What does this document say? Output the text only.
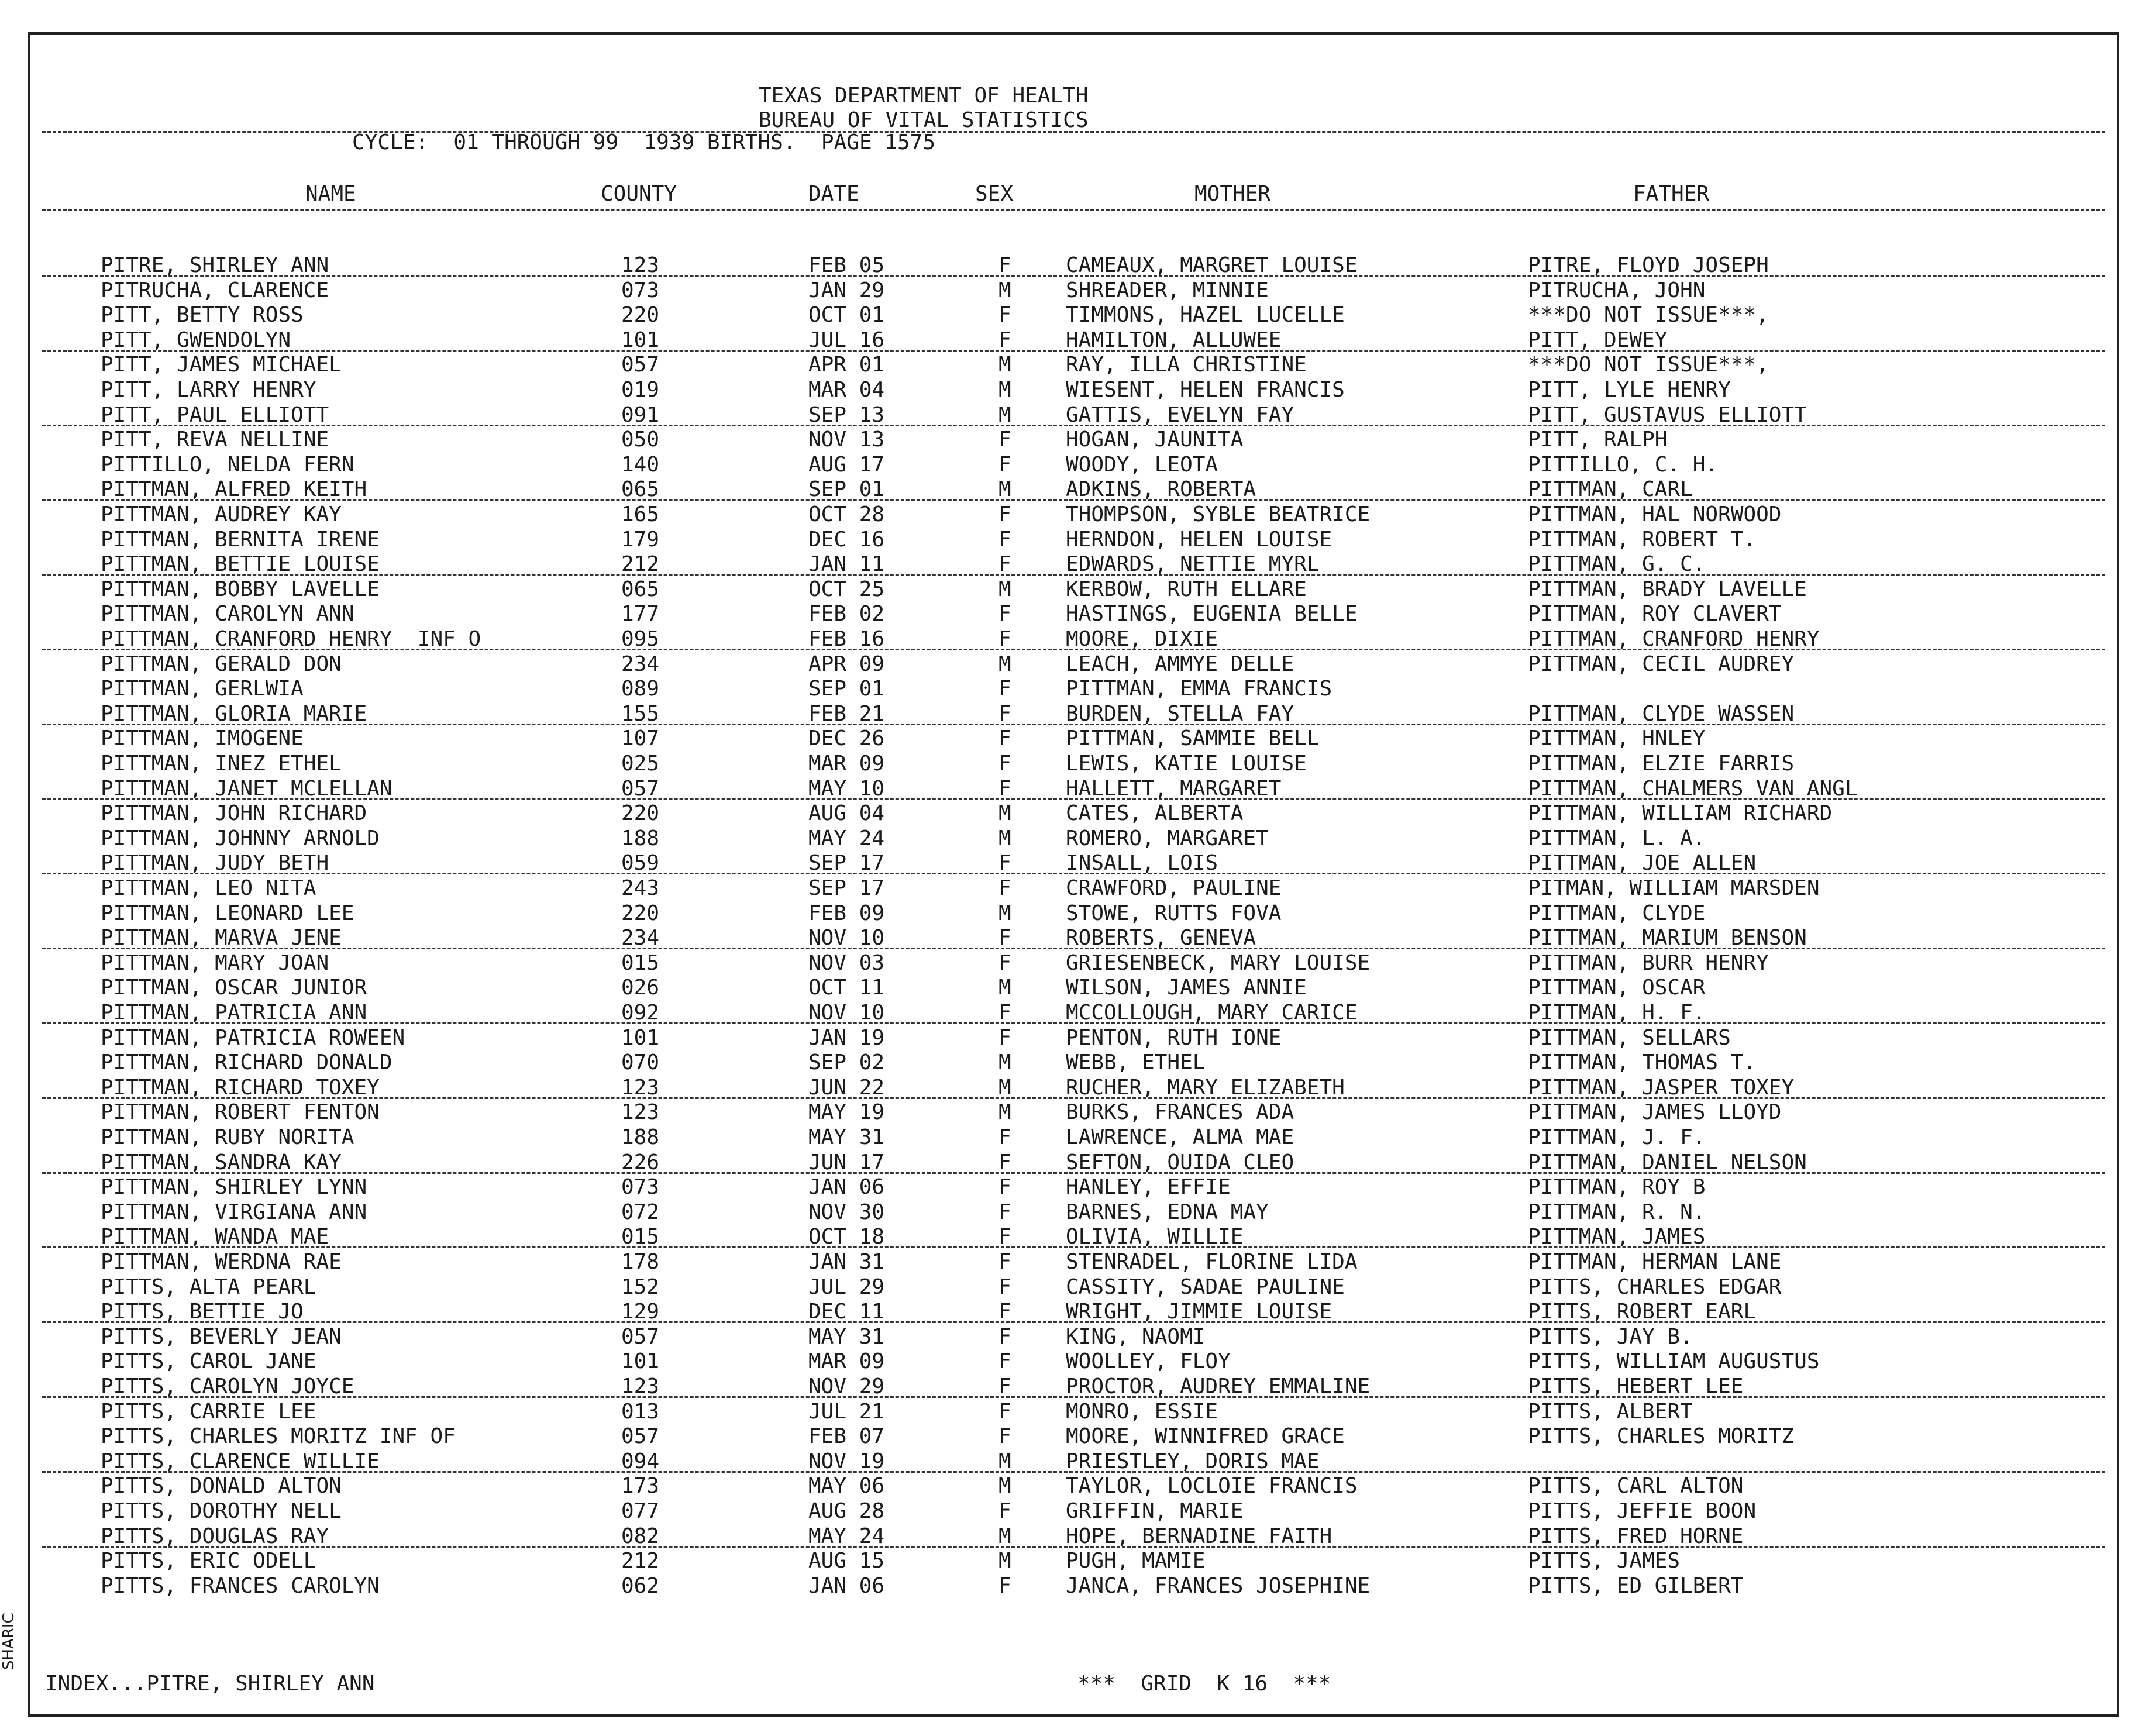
SHARIC
TEXAS DEPARTMENT OF HEALTH
BUREAU OF VITAL STATISTICS
CYCLE:  01 THROUGH 99  1939 BIRTHS.  PAGE 1575
NAME	COUNTY	DATE	SEX	MOTHER	FATHER
PITRE, SHIRLEY ANN	123	FEB 05	F	CAMEAUX, MARGRET LOUISE	PITRE, FLOYD JOSEPH
PITRUCHA, CLARENCE	073	JAN 29	M	SHREADER, MINNIE	PITRUCHA, JOHN
PITT, BETTY ROSS	220	OCT 01	F	TIMMONS, HAZEL LUCELLE	***DO NOT ISSUE***,
PITT, GWENDOLYN	101	JUL 16	F	HAMILTON, ALLUWEE	PITT, DEWEY
PITT, JAMES MICHAEL	057	APR 01	M	RAY, ILLA CHRISTINE	***DO NOT ISSUE***,
PITT, LARRY HENRY	019	MAR 04	M	WIESENT, HELEN FRANCIS	PITT, LYLE HENRY
PITT, PAUL ELLIOTT	091	SEP 13	M	GATTIS, EVELYN FAY	PITT, GUSTAVUS ELLIOTT
PITT, REVA NELLINE	050	NOV 13	F	HOGAN, JAUNITA	PITT, RALPH
PITTILLO, NELDA FERN	140	AUG 17	F	WOODY, LEOTA	PITTILLO, C. H.
PITTMAN, ALFRED KEITH	065	SEP 01	M	ADKINS, ROBERTA	PITTMAN, CARL
PITTMAN, AUDREY KAY	165	OCT 28	F	THOMPSON, SYBLE BEATRICE	PITTMAN, HAL NORWOOD
PITTMAN, BERNITA IRENE	179	DEC 16	F	HERNDON, HELEN LOUISE	PITTMAN, ROBERT T.
PITTMAN, BETTIE LOUISE	212	JAN 11	F	EDWARDS, NETTIE MYRL	PITTMAN, G. C.
PITTMAN, BOBBY LAVELLE	065	OCT 25	M	KERBOW, RUTH ELLARE	PITTMAN, BRADY LAVELLE
PITTMAN, CAROLYN ANN	177	FEB 02	F	HASTINGS, EUGENIA BELLE	PITTMAN, ROY CLAVERT
PITTMAN, CRANFORD HENRY  INF O	095	FEB 16	F	MOORE, DIXIE	PITTMAN, CRANFORD HENRY
PITTMAN, GERALD DON	234	APR 09	M	LEACH, AMMYE DELLE	PITTMAN, CECIL AUDREY
PITTMAN, GERLWIA	089	SEP 01	F	PITTMAN, EMMA FRANCIS
PITTMAN, GLORIA MARIE	155	FEB 21	F	BURDEN, STELLA FAY	PITTMAN, CLYDE WASSEN
PITTMAN, IMOGENE	107	DEC 26	F	PITTMAN, SAMMIE BELL	PITTMAN, HNLEY
PITTMAN, INEZ ETHEL	025	MAR 09	F	LEWIS, KATIE LOUISE	PITTMAN, ELZIE FARRIS
PITTMAN, JANET MCLELLAN	057	MAY 10	F	HALLETT, MARGARET	PITTMAN, CHALMERS VAN ANGL
PITTMAN, JOHN RICHARD	220	AUG 04	M	CATES, ALBERTA	PITTMAN, WILLIAM RICHARD
PITTMAN, JOHNNY ARNOLD	188	MAY 24	M	ROMERO, MARGARET	PITTMAN, L. A.
PITTMAN, JUDY BETH	059	SEP 17	F	INSALL, LOIS	PITTMAN, JOE ALLEN
PITTMAN, LEO NITA	243	SEP 17	F	CRAWFORD, PAULINE	PITMAN, WILLIAM MARSDEN
PITTMAN, LEONARD LEE	220	FEB 09	M	STOWE, RUTTS FOVA	PITTMAN, CLYDE
PITTMAN, MARVA JENE	234	NOV 10	F	ROBERTS, GENEVA	PITTMAN, MARIUM BENSON
PITTMAN, MARY JOAN	015	NOV 03	F	GRIESENBECK, MARY LOUISE	PITTMAN, BURR HENRY
PITTMAN, OSCAR JUNIOR	026	OCT 11	M	WILSON, JAMES ANNIE	PITTMAN, OSCAR
PITTMAN, PATRICIA ANN	092	NOV 10	F	MCCOLLOUGH, MARY CARICE	PITTMAN, H. F.
PITTMAN, PATRICIA ROWEEN	101	JAN 19	F	PENTON, RUTH IONE	PITTMAN, SELLARS
PITTMAN, RICHARD DONALD	070	SEP 02	M	WEBB, ETHEL	PITTMAN, THOMAS T.
PITTMAN, RICHARD TOXEY	123	JUN 22	M	RUCHER, MARY ELIZABETH	PITTMAN, JASPER TOXEY
PITTMAN, ROBERT FENTON	123	MAY 19	M	BURKS, FRANCES ADA	PITTMAN, JAMES LLOYD
PITTMAN, RUBY NORITA	188	MAY 31	F	LAWRENCE, ALMA MAE	PITTMAN, J. F.
PITTMAN, SANDRA KAY	226	JUN 17	F	SEFTON, OUIDA CLEO	PITTMAN, DANIEL NELSON
PITTMAN, SHIRLEY LYNN	073	JAN 06	F	HANLEY, EFFIE	PITTMAN, ROY B
PITTMAN, VIRGIANA ANN	072	NOV 30	F	BARNES, EDNA MAY	PITTMAN, R. N.
PITTMAN, WANDA MAE	015	OCT 18	F	OLIVIA, WILLIE	PITTMAN, JAMES
PITTMAN, WERDNA RAE	178	JAN 31	F	STENRADEL, FLORINE LIDA	PITTMAN, HERMAN LANE
PITTS, ALTA PEARL	152	JUL 29	F	CASSITY, SADAE PAULINE	PITTS, CHARLES EDGAR
PITTS, BETTIE JO	129	DEC 11	F	WRIGHT, JIMMIE LOUISE	PITTS, ROBERT EARL
PITTS, BEVERLY JEAN	057	MAY 31	F	KING, NAOMI	PITTS, JAY B.
PITTS, CAROL JANE	101	MAR 09	F	WOOLLEY, FLOY	PITTS, WILLIAM AUGUSTUS
PITTS, CAROLYN JOYCE	123	NOV 29	F	PROCTOR, AUDREY EMMALINE	PITTS, HEBERT LEE
PITTS, CARRIE LEE	013	JUL 21	F	MONRO, ESSIE	PITTS, ALBERT
PITTS, CHARLES MORITZ INF OF	057	FEB 07	F	MOORE, WINNIFRED GRACE	PITTS, CHARLES MORITZ
PITTS, CLARENCE WILLIE	094	NOV 19	M	PRIESTLEY, DORIS MAE
PITTS, DONALD ALTON	173	MAY 06	M	TAYLOR, LOCLOIE FRANCIS	PITTS, CARL ALTON
PITTS, DOROTHY NELL	077	AUG 28	F	GRIFFIN, MARIE	PITTS, JEFFIE BOON
PITTS, DOUGLAS RAY	082	MAY 24	M	HOPE, BERNADINE FAITH	PITTS, FRED HORNE
PITTS, ERIC ODELL	212	AUG 15	M	PUGH, MAMIE	PITTS, JAMES
PITTS, FRANCES CAROLYN	062	JAN 06	F	JANCA, FRANCES JOSEPHINE	PITTS, ED GILBERT
INDEX...PITRE, SHIRLEY ANN	***  GRID  K 16  ***
